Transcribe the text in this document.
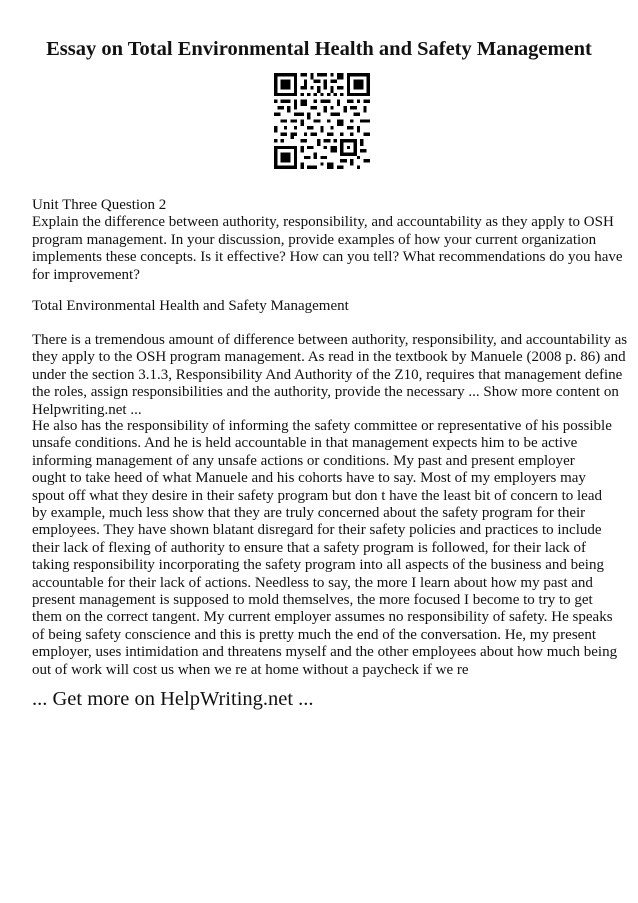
Essay on Total Environmental Health and Safety Management
Unit Three Question 2
Explain the difference between authority, responsibility, and accountability as they apply to OSH
program management. In your discussion, provide examples of how your current organization
implements these concepts. Is it effective? How can you tell? What recommendations do you have
for improvement?
Total Environmental Health and Safety Management
There is a tremendous amount of difference between authority, responsibility, and accountability as
they apply to the OSH program management. As read in the textbook by Manuele (2008 p. 86) and
under the section 3.1.3, Responsibility And Authority of the Z10, requires that management define
the roles, assign responsibilities and the authority, provide the necessary ... Show more content on
Helpwriting.net ...
He also has the responsibility of informing the safety committee or representative of his possible
unsafe conditions. And he is held accountable in that management expects him to be active
informing management of any unsafe actions or conditions. My past and present employer
ought to take heed of what Manuele and his cohorts have to say. Most of my employers may
spout off what they desire in their safety program but don t have the least bit of concern to lead
by example, much less show that they are truly concerned about the safety program for their
employees. They have shown blatant disregard for their safety policies and practices to include
their lack of flexing of authority to ensure that a safety program is followed, for their lack of
taking responsibility incorporating the safety program into all aspects of the business and being
accountable for their lack of actions. Needless to say, the more I learn about how my past and
present management is supposed to mold themselves, the more focused I become to try to get
them on the correct tangent. My current employer assumes no responsibility of safety. He speaks
of being safety conscience and this is pretty much the end of the conversation. He, my present
employer, uses intimidation and threatens myself and the other employees about how much being
out of work will cost us when we re at home without a paycheck if we re
... Get more on HelpWriting.net ...
